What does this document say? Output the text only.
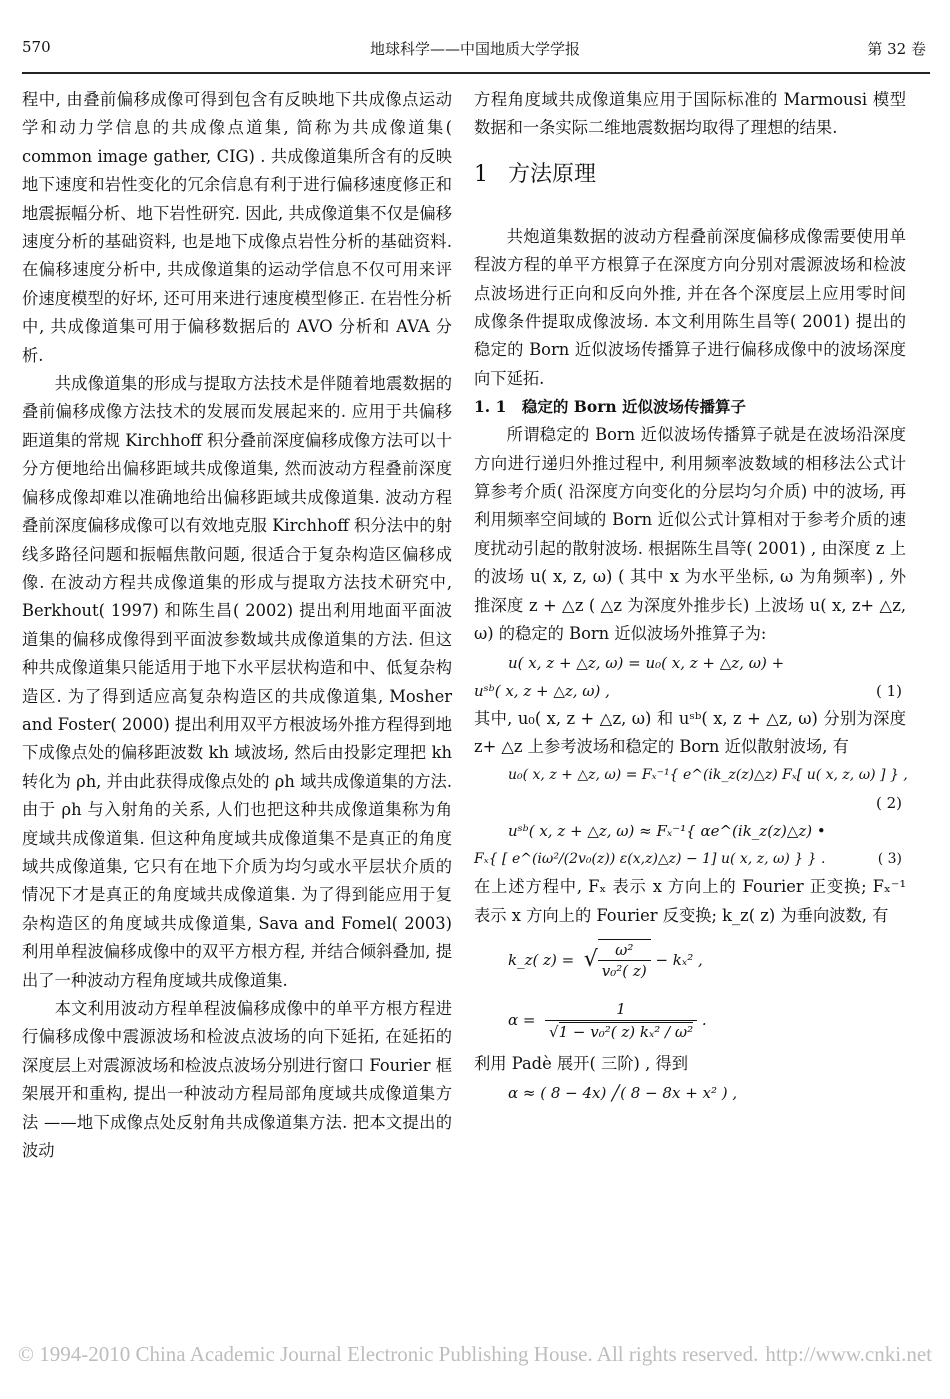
570	地球科学——中国地质大学学报	第 32 卷

程中, 由叠前偏移成像可得到包含有反映地下共成像点运动学和动力学信息的共成像点道集, 简称为共成像道集( common image gather, CIG) . 共成像道集所含有的反映地下速度和岩性变化的冗余信息有利于进行偏移速度修正和地震振幅分析、地下岩性研究. 因此, 共成像道集不仅是偏移速度分析的基础资料, 也是地下成像点岩性分析的基础资料. 在偏移速度分析中, 共成像道集的运动学信息不仅可用来评价速度模型的好坏, 还可用来进行速度模型修正. 在岩性分析中, 共成像道集可用于偏移数据后的 AVO 分析和 AVA 分析.

共成像道集的形成与提取方法技术是伴随着地震数据的叠前偏移成像方法技术的发展而发展起来的. 应用于共偏移距道集的常规 Kirchhoff 积分叠前深度偏移成像方法可以十分方便地给出偏移距域共成像道集, 然而波动方程叠前深度偏移成像却难以准确地给出偏移距域共成像道集. 波动方程叠前深度偏移成像可以有效地克服 Kirchhoff 积分法中的射线多路径问题和振幅焦散问题, 很适合于复杂构造区偏移成像. 在波动方程共成像道集的形成与提取方法技术研究中, Berkhout( 1997) 和陈生昌( 2002) 提出利用地面平面波道集的偏移成像得到平面波参数域共成像道集的方法. 但这种共成像道集只能适用于地下水平层状构造和中、低复杂构造区. 为了得到适应高复杂构造区的共成像道集, Mosher and Foster( 2000) 提出利用双平方根波场外推方程得到地下成像点处的偏移距波数 kh 域波场, 然后由投影定理把 kh 转化为 ρh, 并由此获得成像点处的 ρh 域共成像道集的方法. 由于 ρh 与入射角的关系, 人们也把这种共成像道集称为角度域共成像道集. 但这种角度域共成像道集不是真正的角度域共成像道集, 它只有在地下介质为均匀或水平层状介质的情况下才是真正的角度域共成像道集. 为了得到能应用于复杂构造区的角度域共成像道集, Sava and Fomel( 2003) 利用单程波偏移成像中的双平方根方程, 并结合倾斜叠加, 提出了一种波动方程角度域共成像道集.

本文利用波动方程单程波偏移成像中的单平方根方程进行偏移成像中震源波场和检波点波场的向下延拓, 在延拓的深度层上对震源波场和检波点波场分别进行窗口 Fourier 框架展开和重构, 提出一种波动方程局部角度域共成像道集方法 ——地下成像点处反射角共成像道集方法. 把本文提出的波动

方程角度域共成像道集应用于国际标准的 Marmousi 模型数据和一条实际二维地震数据均取得了理想的结果.

1 方法原理

共炮道集数据的波动方程叠前深度偏移成像需要使用单程波方程的单平方根算子在深度方向分别对震源波场和检波点波场进行正向和反向外推, 并在各个深度层上应用零时间成像条件提取成像波场. 本文利用陈生昌等( 2001) 提出的稳定的 Born 近似波场传播算子进行偏移成像中的波场深度向下延拓.

1. 1　稳定的 Born 近似波场传播算子

所谓稳定的 Born 近似波场传播算子就是在波场沿深度方向进行递归外推过程中, 利用频率波数域的相移法公式计算参考介质( 沿深度方向变化的分层均匀介质) 中的波场, 再利用频率空间域的 Born 近似公式计算相对于参考介质的速度扰动引起的散射波场. 根据陈生昌等( 2001) , 由深度 z 上的波场 u( x, z, ω) ( 其中 x 为水平坐标, ω 为角频率) , 外推深度 z + △z ( △z 为深度外推步长) 上波场 u( x, z+ △z, ω) 的稳定的 Born 近似波场外推算子为:

u( x, z + △z, ω) = u₀( x, z + △z, ω) +
uˢᵇ( x, z + △z, ω) ,	( 1)

其中, u₀( x, z + △z, ω) 和 uˢᵇ( x, z + △z, ω) 分别为深度 z+ △z 上参考波场和稳定的 Born 近似散射波场, 有

u₀( x, z + △z, ω) = Fₓ⁻¹{ e^(ik_z(z)△z) Fₓ[ u( x, z, ω) ] } ,
( 2)
uˢᵇ( x, z + △z, ω) ≈ Fₓ⁻¹{ αe^(ik_z(z)△z) •
Fₓ{ [ e^(iω²/(2v₀(z)) ε(x,z)△z) − 1] u( x, z, ω) } } .	( 3)

在上述方程中, Fₓ 表示 x 方向上的 Fourier 正变换; Fₓ⁻¹ 表示 x 方向上的 Fourier 反变换; k_z( z) 为垂向波数, 有

k_z( z) =
√ $\frac{\text{ω²}}{\text{v₀²( z)}}$
− kₓ² ,
α =
$\frac{1}{\text{√1 − v₀²( z) kₓ² / ω²}}$ .

利用 Padè 展开( 三阶) , 得到

α ≈ ( 8 − 4x) ╱( 8 − 8x + x² ) ,
© 1994-2010 China Academic Journal Electronic Publishing House. All rights reserved. http://www.cnki.net
